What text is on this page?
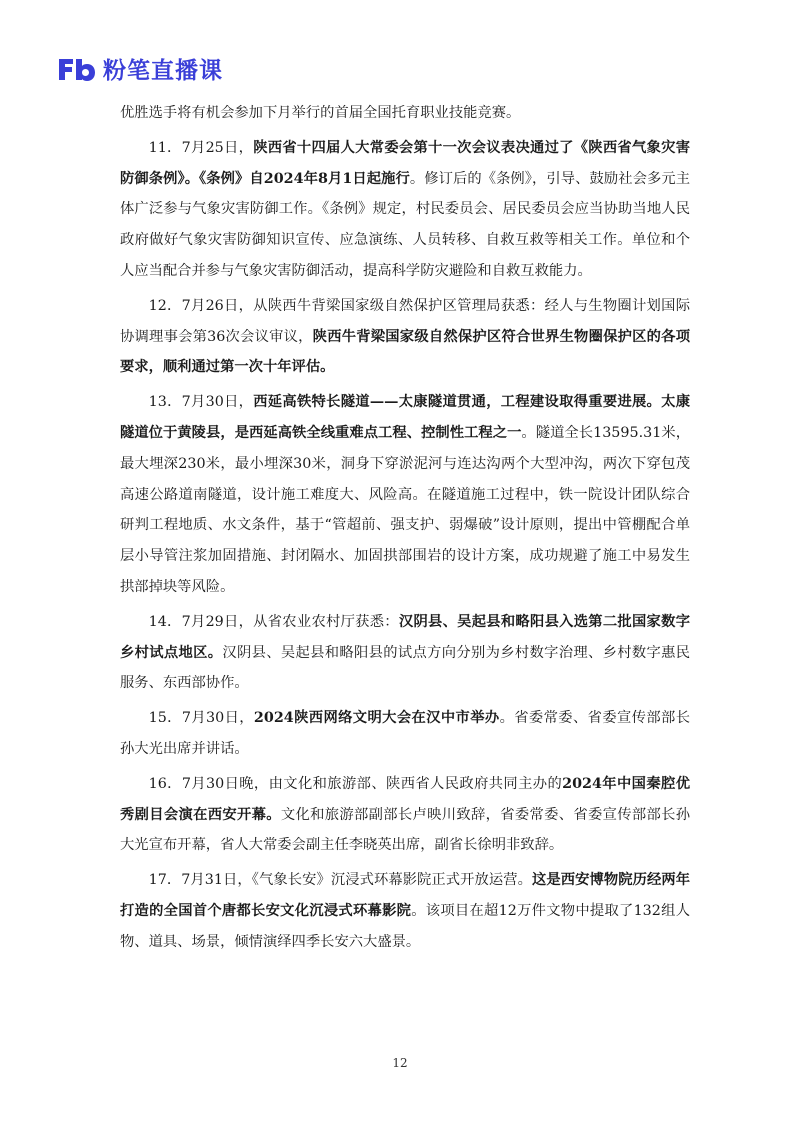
粉笔直播课

优胜选手将有机会参加下月举行的首届全国托育职业技能竞赛。

11．7月25日，陕西省十四届人大常委会第十一次会议表决通过了《陕西省气象灾害防御条例》。《条例》自2024年8月1日起施行。修订后的《条例》，引导、鼓励社会多元主体广泛参与气象灾害防御工作。《条例》规定，村民委员会、居民委员会应当协助当地人民政府做好气象灾害防御知识宣传、应急演练、人员转移、自救互救等相关工作。单位和个人应当配合并参与气象灾害防御活动，提高科学防灾避险和自救互救能力。

12．7月26日，从陕西牛背梁国家级自然保护区管理局获悉：经人与生物圈计划国际协调理事会第36次会议审议，陕西牛背梁国家级自然保护区符合世界生物圈保护区的各项要求，顺利通过第一次十年评估。

13．7月30日，西延高铁特长隧道——太康隧道贯通，工程建设取得重要进展。太康隧道位于黄陵县，是西延高铁全线重难点工程、控制性工程之一。隧道全长13595.31米，最大埋深230米，最小埋深30米，洞身下穿淤泥河与连达沟两个大型冲沟，两次下穿包茂高速公路道南隧道，设计施工难度大、风险高。在隧道施工过程中，铁一院设计团队综合研判工程地质、水文条件，基于“管超前、强支护、弱爆破”设计原则，提出中管棚配合单层小导管注浆加固措施、封闭隔水、加固拱部围岩的设计方案，成功规避了施工中易发生拱部掉块等风险。

14．7月29日，从省农业农村厅获悉：汉阴县、吴起县和略阳县入选第二批国家数字乡村试点地区。汉阴县、吴起县和略阳县的试点方向分别为乡村数字治理、乡村数字惠民服务、东西部协作。

15．7月30日，2024陕西网络文明大会在汉中市举办。省委常委、省委宣传部部长孙大光出席并讲话。

16．7月30日晚，由文化和旅游部、陕西省人民政府共同主办的2024年中国秦腔优秀剧目会演在西安开幕。文化和旅游部副部长卢映川致辞，省委常委、省委宣传部部长孙大光宣布开幕，省人大常委会副主任李晓英出席，副省长徐明非致辞。

17．7月31日，《气象长安》沉浸式环幕影院正式开放运营。这是西安博物院历经两年打造的全国首个唐都长安文化沉浸式环幕影院。该项目在超12万件文物中提取了132组人物、道具、场景，倾情演绎四季长安六大盛景。

12
